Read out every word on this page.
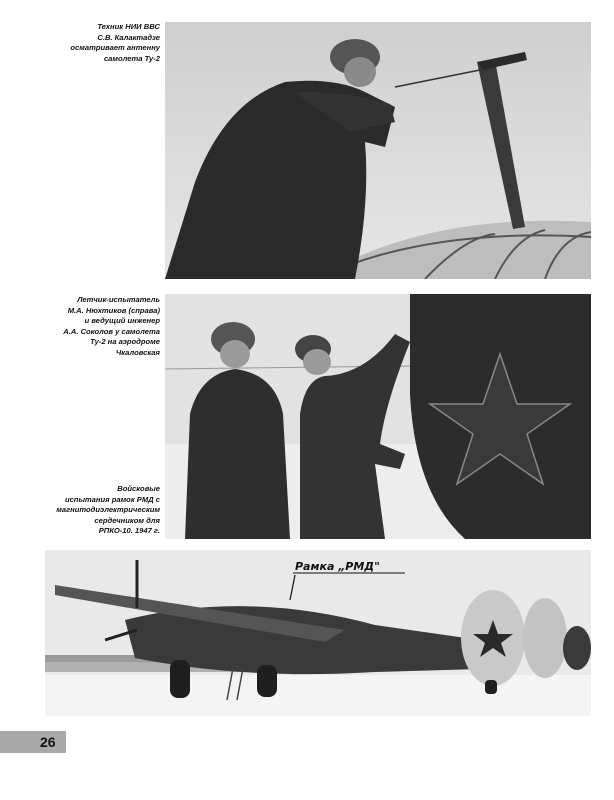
Техник НИИ ВВС
С.В. Калактадзе
осматривает антенну
самолета Ту-2
Летчик-испытатель
М.А. Нюхтиков (справа)
и ведущий инженер
А.А. Соколов у самолета
Ту-2 на аэродроме
Чкаловская
Войсковые
испытания рамок РМД с
магнитодиэлектрическим
сердечником для
РПКО-10. 1947 г.
Рамка „РМД"
26
